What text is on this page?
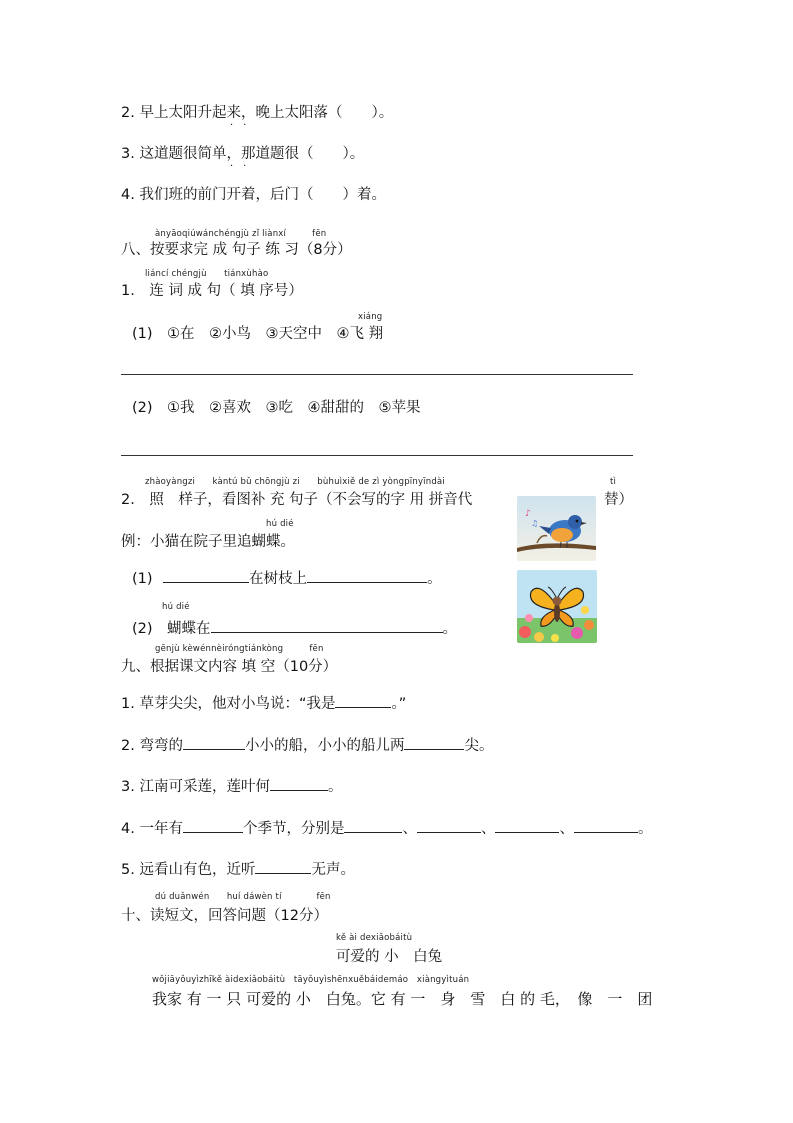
2. 早上太阳升起来，晚上太阳落（　　）。
·　·
3. 这道题很简单，那道题很（　　）。
·　·
4. 我们班的前门开着，后门（　　）着。
ànyāoqiúwánchéngjù zǐ liànxí　　　fēn
八、按要求完 成 句子 练 习（8分）
liáncí chéngjù　　tiánxùhào
1.　连 词 成 句（ 填 序号）
xiáng
(1)　①在　②小鸟　③天空中　④飞 翔
(2)　①我　②喜欢　③吃　④甜甜的　⑤苹果
zhàoyàngzi　　kàntú bǔ chōngjù zi　　bùhuìxiě de zì yòngpīnyīndài	tì
2.　照　样子，看图补 充 句子（不会写的字 用 拼音代	替）
♪
♫
hú dié
例：小猫在院子里追蝴蝶。
(1)	在树枝上	。
hú dié
(2)　蝴蝶在	。
gēnjù kèwénnèiróngtiánkòng　　　fēn
九、根据课文内容 填 空（10分）
1. 草芽尖尖，他对小鸟说：“我是	。”
2. 弯弯的	小小的船，小小的船儿两	尖。
3. 江南可采莲，莲叶何	。
4. 一年有	个季节，分别是	、	、	、	。
5. 远看山有色，近听	无声。
dú duǎnwén　　huí dáwèn tí　　　　fēn
十、读短文，回答问题（12分）
kě ài dexiǎobáitù
可爱的 小　白兔
wǒjiāyǒuyìzhīkě àidexiǎobáitù　tāyǒuyìshēnxuěbáidemáo　xiàngyìtuán
我家 有 一 只 可爱的 小　白兔。它 有 一　身　雪　白 的 毛，　像　一　团
